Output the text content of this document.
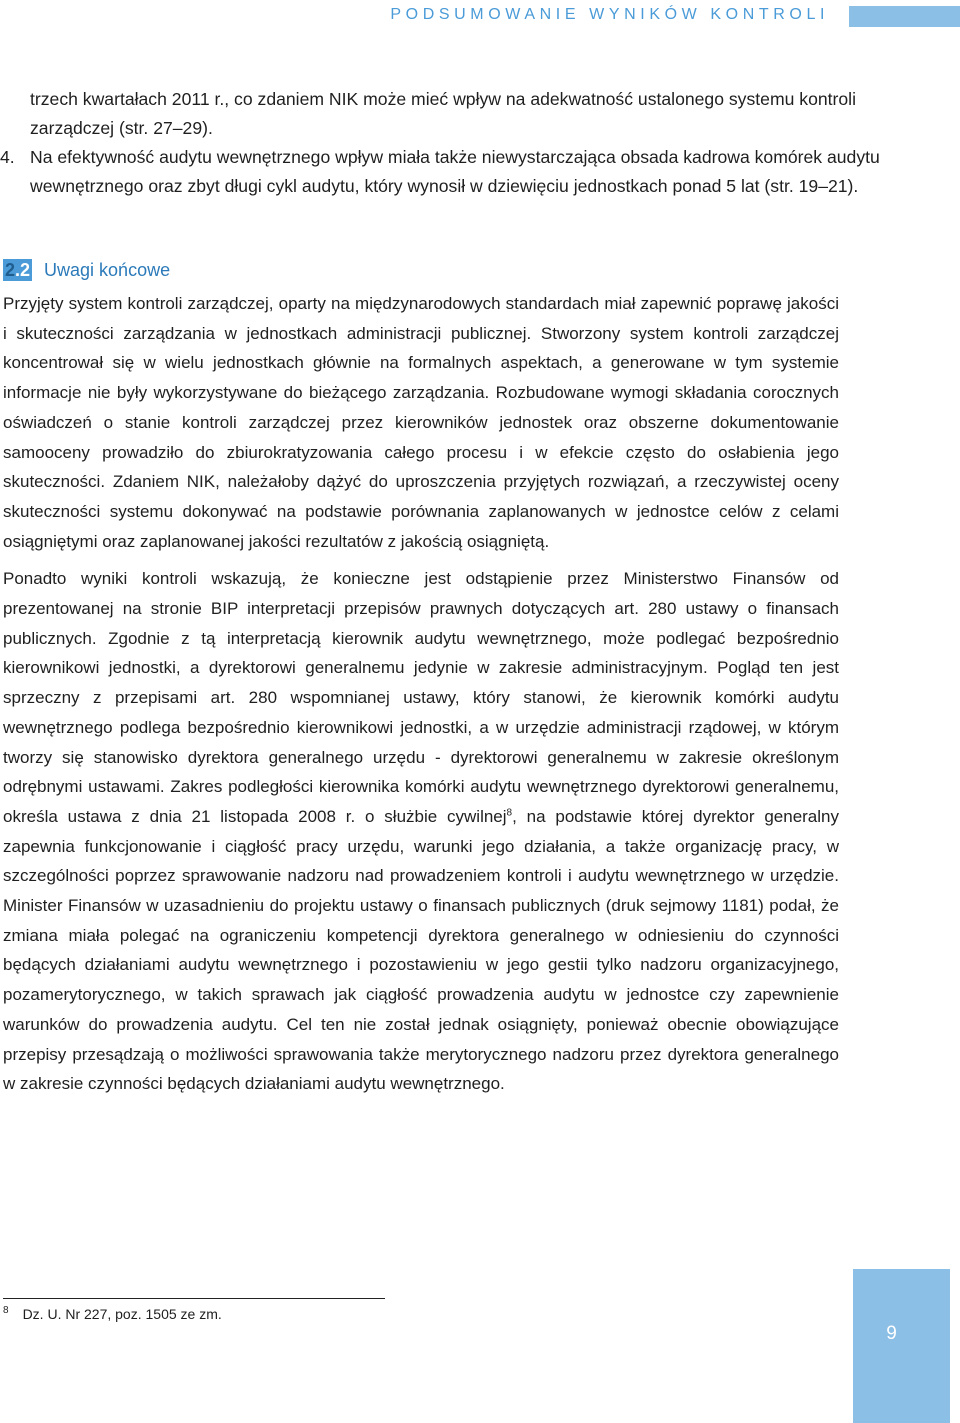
PODSUMOWANIE WYNIKÓW KONTROLI

trzech kwartałach 2011 r., co zdaniem NIK może mieć wpływ na adekwatność ustalonego systemu kontroli zarządczej (str. 27–29).

4. Na efektywność audytu wewnętrznego wpływ miała także niewystarczająca obsada kadrowa komórek audytu wewnętrznego oraz zbyt długi cykl audytu, który wynosił w dziewięciu jednostkach ponad 5 lat (str. 19–21).
2.2 Uwagi końcowe

Przyjęty system kontroli zarządczej, oparty na międzynarodowych standardach miał zapewnić poprawę jakości i skuteczności zarządzania w jednostkach administracji publicznej. Stworzony system kontroli zarządczej koncentrował się w wielu jednostkach głównie na formalnych aspektach, a generowane w tym systemie informacje nie były wykorzystywane do bieżącego zarządzania. Rozbudowane wymogi składania corocznych oświadczeń o stanie kontroli zarządczej przez kierowników jednostek oraz obszerne dokumentowanie samooceny prowadziło do zbiurokratyzowania całego procesu i w efekcie często do osłabienia jego skuteczności. Zdaniem NIK, należałoby dążyć do uproszczenia przyjętych rozwiązań, a rzeczywistej oceny skuteczności systemu dokonywać na podstawie porównania zaplanowanych w jednostce celów z celami osiągniętymi oraz zaplanowanej jakości rezultatów z jakością osiągniętą.

Ponadto wyniki kontroli wskazują, że konieczne jest odstąpienie przez Ministerstwo Finansów od prezentowanej na stronie BIP interpretacji przepisów prawnych dotyczących art. 280 ustawy o finansach publicznych. Zgodnie z tą interpretacją kierownik audytu wewnętrznego, może podlegać bezpośrednio kierownikowi jednostki, a dyrektorowi generalnemu jedynie w zakresie administracyjnym. Pogląd ten jest sprzeczny z przepisami art. 280 wspomnianej ustawy, który stanowi, że kierownik komórki audytu wewnętrznego podlega bezpośrednio kierownikowi jednostki, a w urzędzie administracji rządowej, w którym tworzy się stanowisko dyrektora generalnego urzędu - dyrektorowi generalnemu w zakresie określonym odrębnymi ustawami. Zakres podległości kierownika komórki audytu wewnętrznego dyrektorowi generalnemu, określa ustawa z dnia 21 listopada 2008 r. o służbie cywilnej$^8$, na podstawie której dyrektor generalny zapewnia funkcjonowanie i ciągłość pracy urzędu, warunki jego działania, a także organizację pracy, w szczególności poprzez sprawowanie nadzoru nad prowadzeniem kontroli i audytu wewnętrznego w urzędzie. Minister Finansów w uzasadnieniu do projektu ustawy o finansach publicznych (druk sejmowy 1181) podał, że zmiana miała polegać na ograniczeniu kompetencji dyrektora generalnego w odniesieniu do czynności będących działaniami audytu wewnętrznego i pozostawieniu w jego gestii tylko nadzoru organizacyjnego, pozamerytorycznego, w takich sprawach jak ciągłość prowadzenia audytu w jednostce czy zapewnienie warunków do prowadzenia audytu. Cel ten nie został jednak osiągnięty, ponieważ obecnie obowiązujące przepisy przesądzają o możliwości sprawowania także merytorycznego nadzoru przez dyrektora generalnego w zakresie czynności będących działaniami audytu wewnętrznego.

$^8$ Dz. U. Nr 227, poz. 1505 ze zm.
9
